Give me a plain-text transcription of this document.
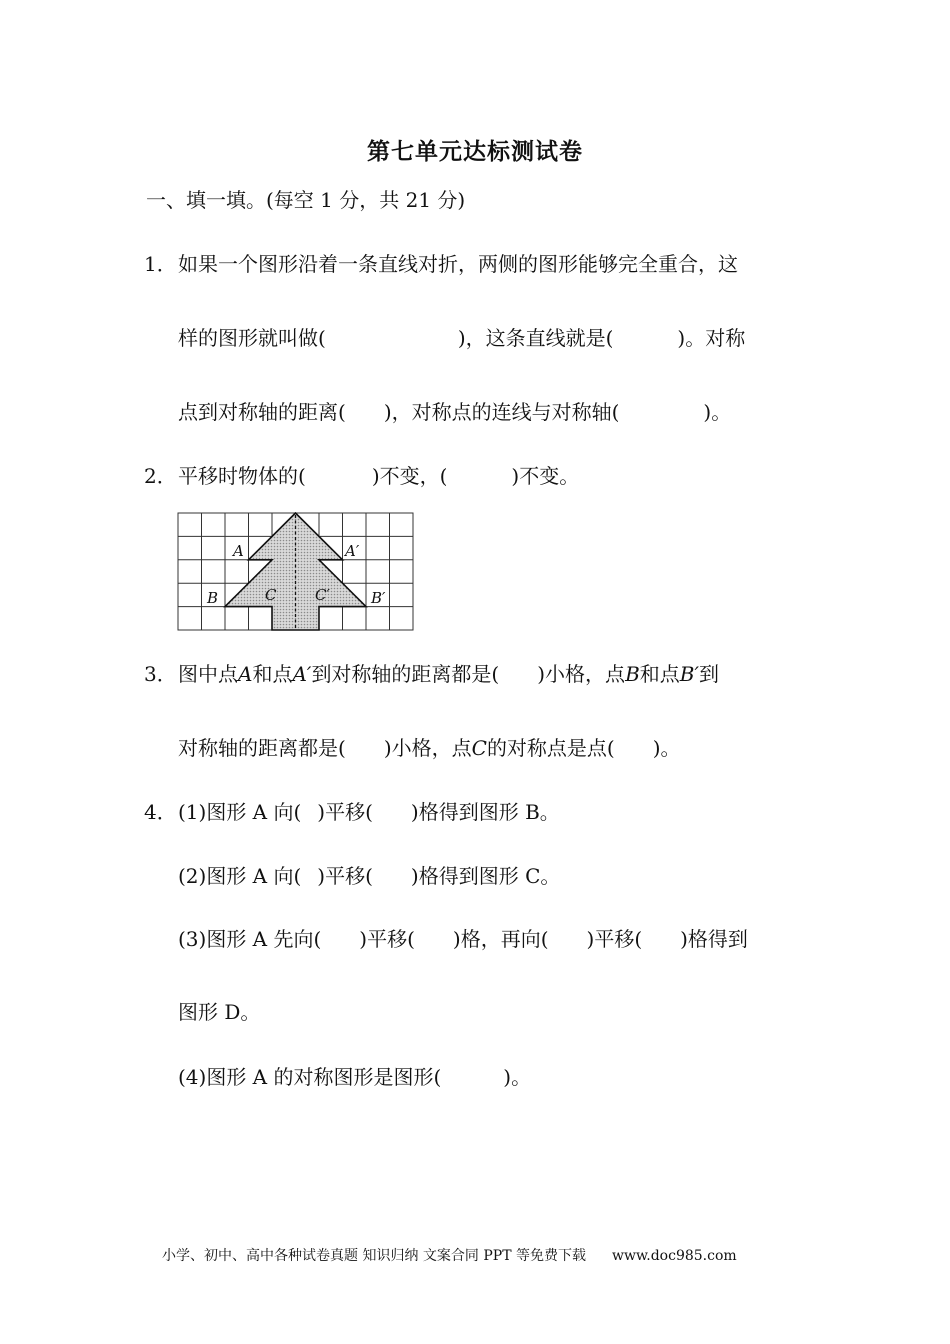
第七单元达标测试卷
一、填一填。(每空 1 分，共 21 分)
1．如果一个图形沿着一条直线对折，两侧的图形能够完全重合，这
样的图形就叫做(	)，这条直线就是(	)。对称
点到对称轴的距离( )，对称点的连线与对称轴(	)。
2．平移时物体的(	)不变，(	)不变。
A	A′
B	C	C′	B′
3．图中点A和点A′到对称轴的距离都是( )小格，点B和点B′到
对称轴的距离都是( )小格，点C的对称点是点( )。
4．(1)图形 A 向( )平移( )格得到图形 B。
(2)图形 A 向( )平移( )格得到图形 C。
(3)图形 A 先向( )平移( )格，再向( )平移( )格得到
图形 D。
(4)图形 A 的对称图形是图形(	)。
小学、初中、高中各种试卷真题 知识归纳 文案合同 PPT 等免费下载 www.doc985.com
